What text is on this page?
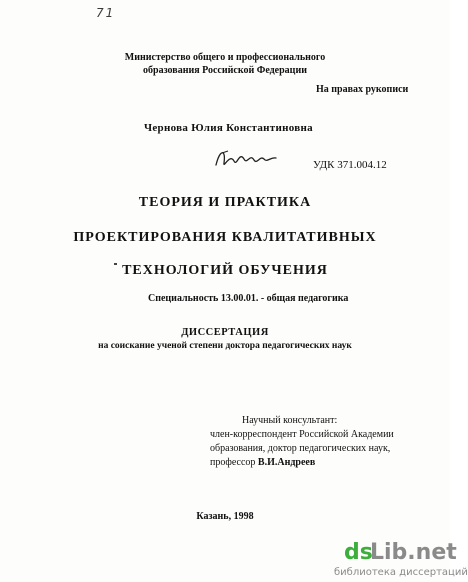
71
Министерство общего и профессионального
образования Российской Федерации
На правах рукописи
Чернова Юлия Константиновна
УДК 371.004.12
ТЕОРИЯ И ПРАКТИКА
ПРОЕКТИРОВАНИЯ КВАЛИТАТИВНЫХ
ТЕХНОЛОГИЙ ОБУЧЕНИЯ
Специальность 13.00.01. - общая педагогика
ДИССЕРТАЦИЯ
на соискание ученой степени доктора педагогических наук
Научный консультант:
член-корреспондент Российской Академии
образования, доктор педагогических наук,
профессор В.И.Андреев
Казань, 1998
ds
Lib.net
библиотека диссертаций
